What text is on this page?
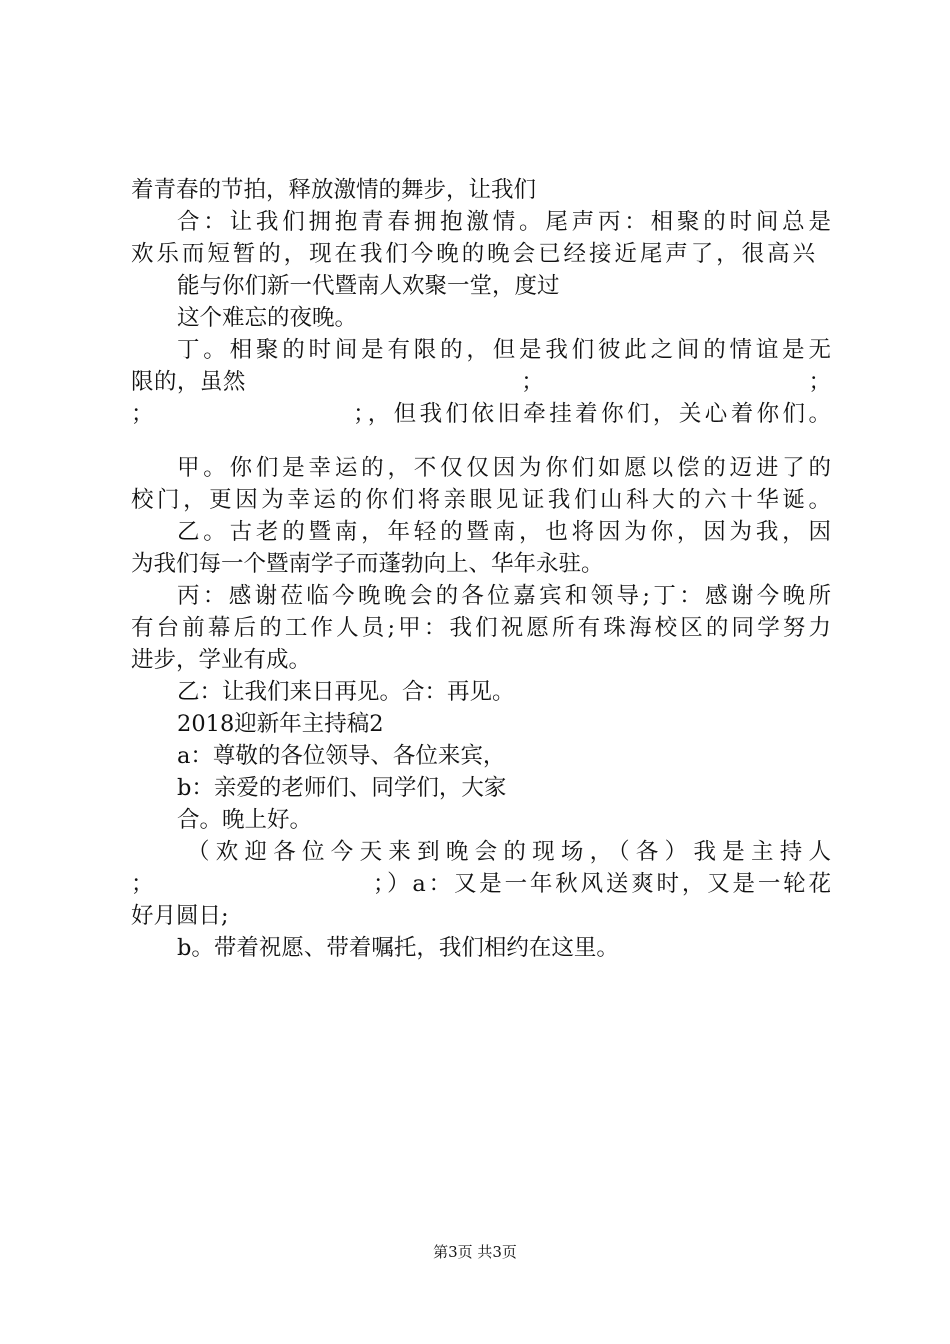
着青春的节拍，释放激情的舞步，让我们
合：让我们拥抱青春拥抱激情。尾声丙：相聚的时间总是
欢乐而短暂的，现在我们今晚的晚会已经接近尾声了，很高兴
能与你们新一代暨南人欢聚一堂，度过
这个难忘的夜晚。
丁。相聚的时间是有限的，但是我们彼此之间的情谊是无
限的，虽然　　　　　　　　　　　　；　　　　　　　　　　　　；
；　　　　　　　　；，但我们依旧牵挂着你们，关心着你们。
甲。你们是幸运的，不仅仅因为你们如愿以偿的迈进了的
校门，更因为幸运的你们将亲眼见证我们山科大的六十华诞。
乙。古老的暨南，年轻的暨南，也将因为你，因为我，因
为我们每一个暨南学子而蓬勃向上、华年永驻。
丙：感谢莅临今晚晚会的各位嘉宾和领导;丁：感谢今晚所
有台前幕后的工作人员;甲：我们祝愿所有珠海校区的同学努力
进步，学业有成。
乙：让我们来日再见。合：再见。
2018迎新年主持稿2
a：尊敬的各位领导、各位来宾，
b：亲爱的老师们、同学们，大家
合。晚上好。
（欢迎各位今天来到晚会的现场，（各）我是主持人
；　　　　　　　　　；）a：又是一年秋风送爽时，又是一轮花
好月圆日;
b。带着祝愿、带着嘱托，我们相约在这里。
第3页 共3页
